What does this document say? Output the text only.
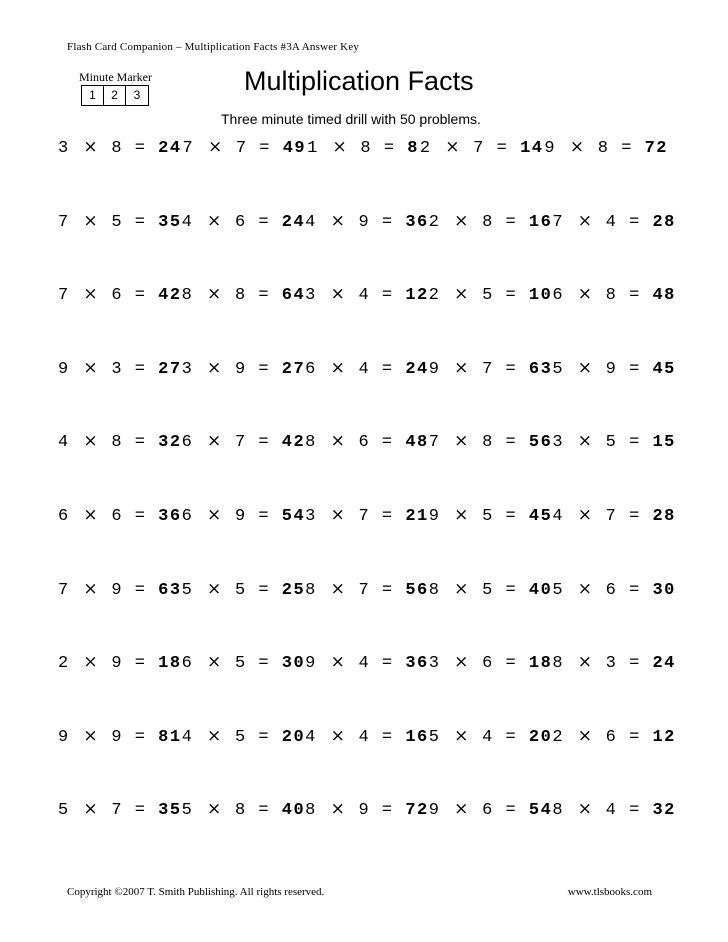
Flash Card Companion – Multiplication Facts #3A Answer Key
Minute Marker
1	2	3	Multiplication Facts
Three minute timed drill with 50 problems.
3 × 8 = 24 7 × 7 = 49 1 × 8 = 8 2 × 7 = 14 9 × 8 = 72
7 × 5 = 35 4 × 6 = 24 4 × 9 = 36 2 × 8 = 16 7 × 4 = 28
7 × 6 = 42 8 × 8 = 64 3 × 4 = 12 2 × 5 = 10 6 × 8 = 48
9 × 3 = 27 3 × 9 = 27 6 × 4 = 24 9 × 7 = 63 5 × 9 = 45
4 × 8 = 32 6 × 7 = 42 8 × 6 = 48 7 × 8 = 56 3 × 5 = 15
6 × 6 = 36 6 × 9 = 54 3 × 7 = 21 9 × 5 = 45 4 × 7 = 28
7 × 9 = 63 5 × 5 = 25 8 × 7 = 56 8 × 5 = 40 5 × 6 = 30
2 × 9 = 18 6 × 5 = 30 9 × 4 = 36 3 × 6 = 18 8 × 3 = 24
9 × 9 = 81 4 × 5 = 20 4 × 4 = 16 5 × 4 = 20 2 × 6 = 12
5 × 7 = 35 5 × 8 = 40 8 × 9 = 72 9 × 6 = 54 8 × 4 = 32
Copyright ©2007 T. Smith Publishing. All rights reserved.	www.tlsbooks.com
